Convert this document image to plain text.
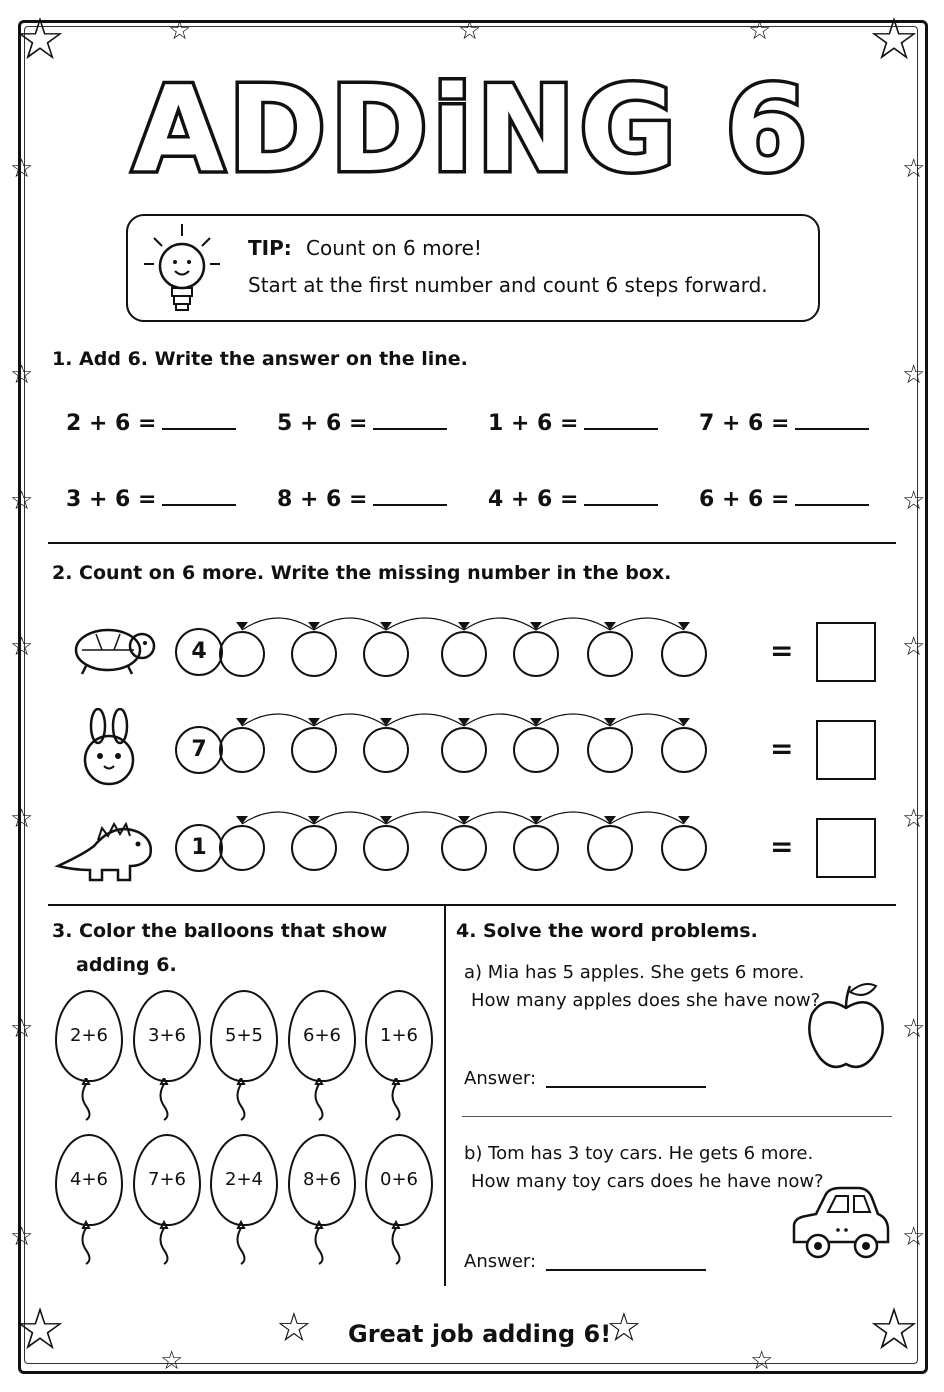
☆	☆
☆	☆
☆	☆	☆
☆	☆
☆	☆
☆	☆
☆	☆
☆	☆
☆	☆
☆	☆
☆	☆
ADDiNG 6
TIP: Count on 6 more!
Start at the first number and count 6 steps forward.
1. Add 6. Write the answer on the line.
2 + 6 =	5 + 6 =	1 + 6 =	7 + 6 =
3 + 6 =	8 + 6 =	4 + 6 =	6 + 6 =
2. Count on 6 more. Write the missing number in the box.
4
7
1
=
=
=
3. Color the balloons that show
adding 6.
2+6	3+6	5+5	6+6	1+6
4+6	7+6	2+4	8+6	0+6
4. Solve the word problems.
a) Mia has 5 apples. She gets 6 more.
How many apples does she have now?
Answer:
b) Tom has 3 toy cars. He gets 6 more.
How many toy cars does he have now?
Answer:
☆ Great job adding 6!
☆
